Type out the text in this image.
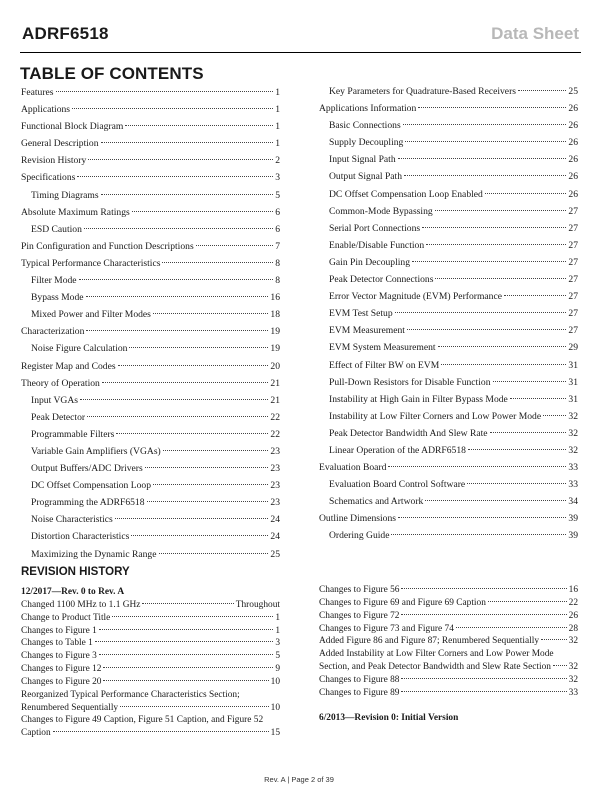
ADRF6518	Data Sheet
TABLE OF CONTENTS
Features	1
Applications	1
Functional Block Diagram	1
General Description	1
Revision History	2
Specifications	3
Timing Diagrams	5
Absolute Maximum Ratings	6
ESD Caution	6
Pin Configuration and Function Descriptions	7
Typical Performance Characteristics	8
Filter Mode	8
Bypass Mode	16
Mixed Power and Filter Modes	18
Characterization	19
Noise Figure Calculation	19
Register Map and Codes	20
Theory of Operation	21
Input VGAs	21
Peak Detector	22
Programmable Filters	22
Variable Gain Amplifiers (VGAs)	23
Output Buffers/ADC Drivers	23
DC Offset Compensation Loop	23
Programming the ADRF6518	23
Noise Characteristics	24
Distortion Characteristics	24
Maximizing the Dynamic Range	25
Key Parameters for Quadrature-Based Receivers	25
Applications Information	26
Basic Connections	26
Supply Decoupling	26
Input Signal Path	26
Output Signal Path	26
DC Offset Compensation Loop Enabled	26
Common-Mode Bypassing	27
Serial Port Connections	27
Enable/Disable Function	27
Gain Pin Decoupling	27
Peak Detector Connections	27
Error Vector Magnitude (EVM) Performance	27
EVM Test Setup	27
EVM Measurement	27
EVM System Measurement	29
Effect of Filter BW on EVM	31
Pull-Down Resistors for Disable Function	31
Instability at High Gain in Filter Bypass Mode	31
Instability at Low Filter Corners and Low Power Mode	32
Peak Detector Bandwidth And Slew Rate	32
Linear Operation of the ADRF6518	32
Evaluation Board	33
Evaluation Board Control Software	33
Schematics and Artwork	34
Outline Dimensions	39
Ordering Guide	39
REVISION HISTORY
12/2017—Rev. 0 to Rev. A
Changed 1100 MHz to 1.1 GHz	Throughout
Change to Product Title	1
Changes to Figure 1	1
Changes to Table 1	3
Changes to Figure 3	5
Changes to Figure 12	9
Changes to Figure 20	10
Reorganized Typical Performance Characteristics Section;
Renumbered Sequentially	10
Changes to Figure 49 Caption, Figure 51 Caption, and Figure 52
Caption	15
Changes to Figure 56	16
Changes to Figure 69 and Figure 69 Caption	22
Changes to Figure 72	26
Changes to Figure 73 and Figure 74	28
Added Figure 86 and Figure 87; Renumbered Sequentially	32
Added Instability at Low Filter Corners and Low Power Mode
Section, and Peak Detector Bandwidth and Slew Rate Section 32
Changes to Figure 88	32
Changes to Figure 89	33
6/2013—Revision 0: Initial Version
Rev. A | Page 2 of 39
